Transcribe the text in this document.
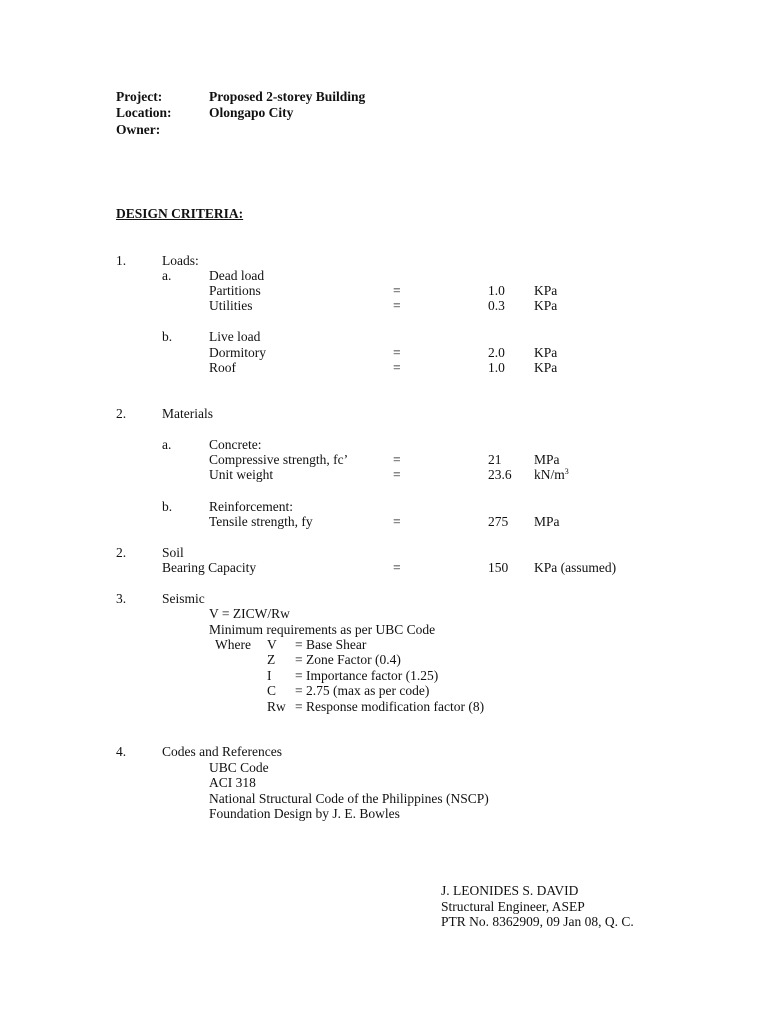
Project:	Proposed 2-storey Building
Location:	Olongapo City
Owner:
DESIGN CRITERIA:
1.	Loads:
a.	Dead load
Partitions	=	1.0 KPa
Utilities	=	0.3 KPa
b.	Live load
Dormitory	=	2.0 KPa
Roof	=	1.0 KPa
2.	Materials
a.	Concrete:
Compressive strength, fc’	=	21 MPa
Unit weight	=	23.6 $kN/m^3$
b.	Reinforcement:
Tensile strength, fy	=	275 MPa
2.	Soil
Bearing Capacity	=	150 KPa (assumed)
3.	Seismic
V = ZICW/Rw
Minimum requirements as per UBC Code
Where V = Base Shear
Z = Zone Factor (0.4)
I = Importance factor (1.25)
C = 2.75 (max as per code)
Rw = Response modification factor (8)
4.	Codes and References
UBC Code
ACI 318
National Structural Code of the Philippines (NSCP)
Foundation Design by J. E. Bowles
J. LEONIDES S. DAVID
Structural Engineer, ASEP
PTR No. 8362909, 09 Jan 08, Q. C.
